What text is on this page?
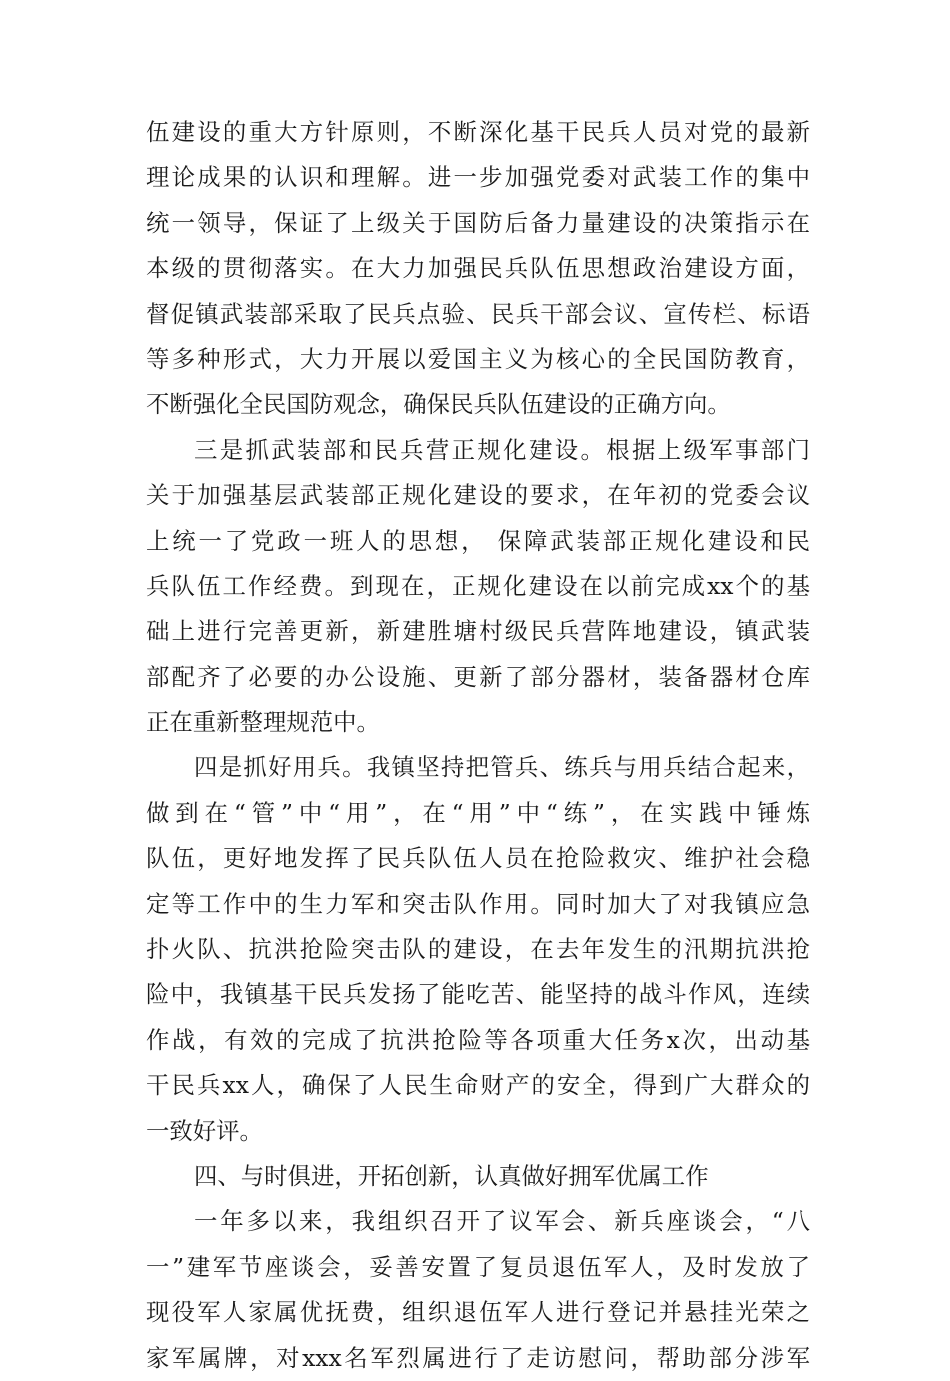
伍建设的重大方针原则，不断深化基干民兵人员对党的最新
理论成果的认识和理解。进一步加强党委对武装工作的集中
统一领导，保证了上级关于国防后备力量建设的决策指示在
本级的贯彻落实。在大力加强民兵队伍思想政治建设方面，
督促镇武装部采取了民兵点验、民兵干部会议、宣传栏、标语
等多种形式，大力开展以爱国主义为核心的全民国防教育，
不断强化全民国防观念，确保民兵队伍建设的正确方向。
三是抓武装部和民兵营正规化建设。根据上级军事部门
关于加强基层武装部正规化建设的要求，在年初的党委会议
上统一了党政一班人的思想， 保障武装部正规化建设和民
兵队伍工作经费。到现在，正规化建设在以前完成xx个的基
础上进行完善更新，新建胜塘村级民兵营阵地建设，镇武装
部配齐了必要的办公设施、更新了部分器材，装备器材仓库
正在重新整理规范中。
四是抓好用兵。我镇坚持把管兵、练兵与用兵结合起来，
做到在“管”中“用”，在“用”中“练”，在实践中锤炼
队伍，更好地发挥了民兵队伍人员在抢险救灾、维护社会稳
定等工作中的生力军和突击队作用。同时加大了对我镇应急
扑火队、抗洪抢险突击队的建设，在去年发生的汛期抗洪抢
险中，我镇基干民兵发扬了能吃苦、能坚持的战斗作风，连续
作战，有效的完成了抗洪抢险等各项重大任务x次，出动基
干民兵xx人，确保了人民生命财产的安全，得到广大群众的
一致好评。
四、与时俱进，开拓创新，认真做好拥军优属工作
一年多以来，我组织召开了议军会、新兵座谈会，“八
一”建军节座谈会，妥善安置了复员退伍军人，及时发放了
现役军人家属优抚费，组织退伍军人进行登记并悬挂光荣之
家军属牌，对xxx名军烈属进行了走访慰问，帮助部分涉军
